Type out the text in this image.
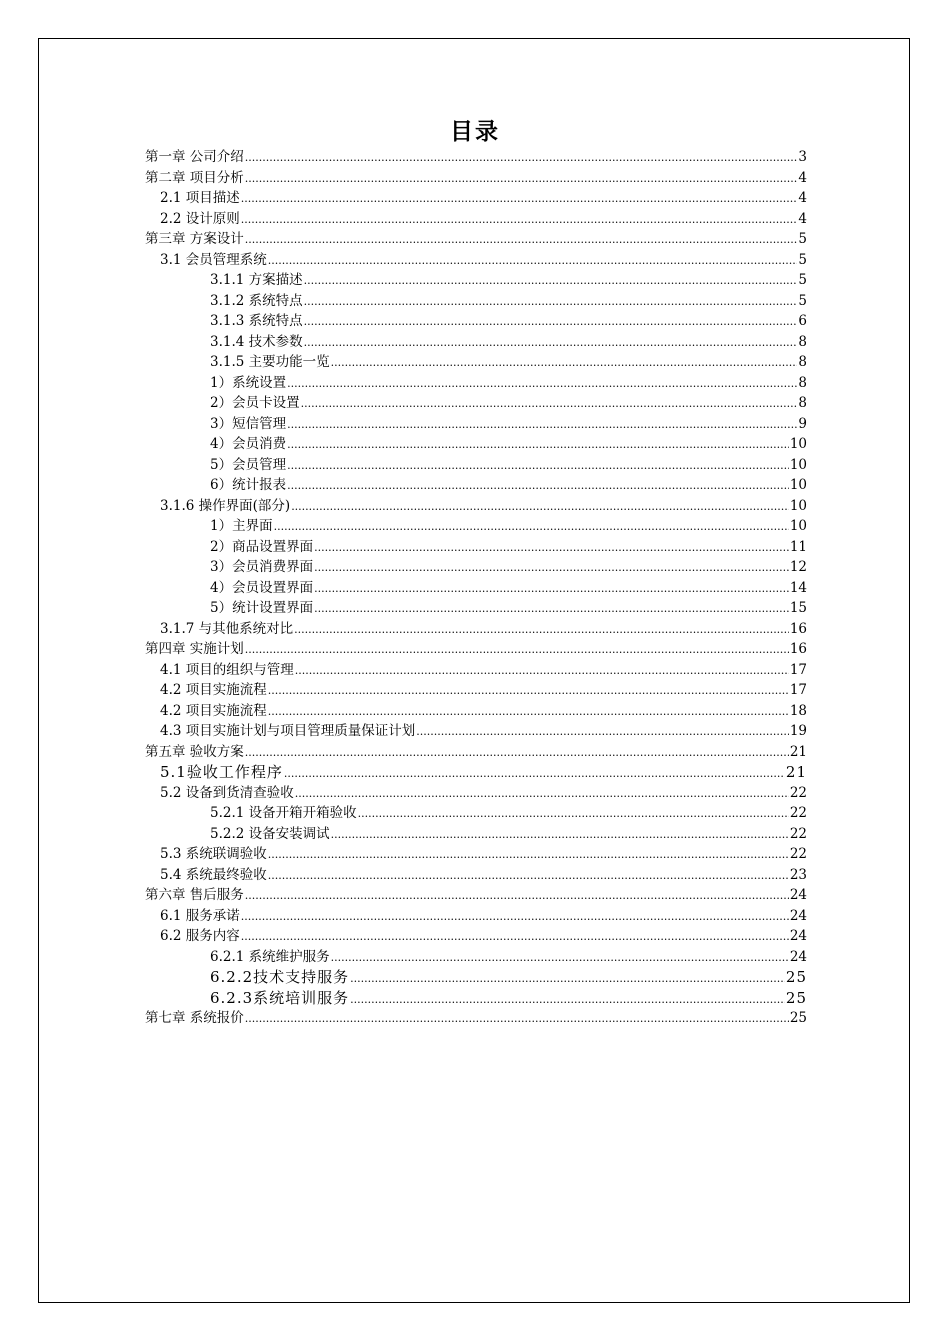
目录
第一章 公司介绍 .....	3
第二章 项目分析 .....	4
2.1 项目描述 .....	4
2.2 设计原则 .....	4
第三章 方案设计 .....	5
3.1 会员管理系统 .....	5
3.1.1 方案描述 .....	5
3.1.2 系统特点 .....	5
3.1.3 系统特点 .....	6
3.1.4 技术参数 .....	8
3.1.5 主要功能一览 .....	8
1）系统设置 .....	8
2）会员卡设置 .....	8
3）短信管理 .....	9
4）会员消费 .....	10
5）会员管理 .....	10
6）统计报表 .....	10
3.1.6 操作界面(部分) .....	10
1）主界面 .....	10
2）商品设置界面 .....	11
3）会员消费界面 .....	12
4）会员设置界面 .....	14
5）统计设置界面 .....	15
3.1.7 与其他系统对比 .....	16
第四章 实施计划 .....	16
4.1 项目的组织与管理 .....	17
4.2 项目实施流程 .....	17
4.2 项目实施流程 .....	18
4.3 项目实施计划与项目管理质量保证计划 .....	19
第五章 验收方案 .....	21
5.1验收工作程序 .....	21
5.2 设备到货清查验收 .....	22
5.2.1 设备开箱开箱验收 .....	22
5.2.2 设备安装调试 .....	22
5.3 系统联调验收 .....	22
5.4 系统最终验收 .....	23
第六章 售后服务 .....	24
6.1 服务承诺 .....	24
6.2 服务内容 .....	24
6.2.1 系统维护服务 .....	24
6.2.2技术支持服务 .....	25
6.2.3系统培训服务 .....	25
第七章 系统报价 .....	25
